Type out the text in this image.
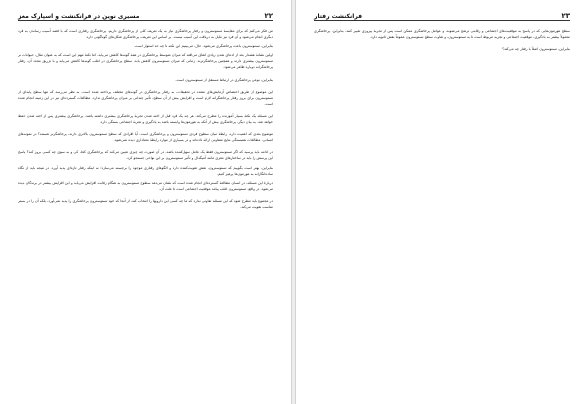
۲۲
مسیری نوین در فرانکنشت و اسپارک مغز

من فکر می‌کنم که برای مقایسهٔ تستوسترون و رفتار پرخاشگری نیاز به یک تعریف کلی از پرخاشگری داریم. پرخاشگری رفتاری است که با قصد آسیب رساندن به فرد دیگری انجام می‌شود و آن فرد نیز مایل به دریافت این آسیب نیست. بر اساس این تعریف، پرخاشگری شکل‌های گوناگونی دارد.

بنابراین، تستوسترون باعث پرخاشگری می‌شود. حال، می‌بینیم این نکته تا چه حد استوار است.

اولین نشانهٔ هشدار بعد از ادعای شدن زیادی اتفاق می‌افتد که میزان متوسط پرخاشگری در همهٔ گونه‌ها کاهش می‌یابد. اما نکتهٔ مهم این است که به عنوان مثال، حیوانات نر تستوسترون بیشتری دارند و همچنین پرخاشگرترند. زمانی که میزان تستوسترون کاهش یابد، سطح پرخاشگری در اغلب گونه‌ها کاهش می‌یابد و با تزریق مجدد آن، رفتار پرخاشگرانه دوباره ظاهر می‌شود.

بنابراین، نوعی پرخاشگری در ارتباط مستقل از تستوسترون است.

این موضوع از طریق اختصاص آزمایش‌های متعدد در تحقیقات، به رفتار پرخاشگری در گونه‌های مختلف پرداخته شده است. به نظر می‌رسد که تنها سطح پایه‌ای از تستوسترون برای بروز رفتار پرخاشگرانه لازم است و افزایش بیش از آن سطح، تأثیر چندانی بر میزان پرخاشگری ندارد. مطالعات گسترده‌ای نیز در این زمینه انجام شده است.

این مسئله یک نکتهٔ بسیار آموزنده را مطرح می‌کند. هر چه یک فرد قبل از اخته شدن تجربهٔ پرخاشگری بیشتری داشته باشد، پرخاشگری بیشتری پس از اخته شدن حفظ خواهد شد. به بیان دیگر، پرخاشگری بیش از آنکه به هورمون‌ها وابسته باشد به یادگیری و تجربهٔ اجتماعی بستگی دارد.

موضوع بعدی که اهمیت دارد، رابطهٔ میان سطوح فردی تستوسترون و پرخاشگری است. آیا افرادی که سطح تستوسترون بالاتری دارند، پرخاشگرتر هستند؟ در نمونه‌های انسانی، مطالعات همبستگی نتایج متفاوتی ارائه داده‌اند و در بسیاری از موارد رابطهٔ معناداری دیده نمی‌شود.

در ادامه باید پرسید که اگر تستوسترون فقط یک عامل سهل‌کننده باشد، در آن صورت چه چیزی تعیین می‌کند که پرخاشگری کجا، کی و به سوی چه کسی بروز کند؟ پاسخ این پرسش را باید در ساختارهای مغزی مانند آمیگدال و تأثیر تستوسترون بر این نواحی جستجو کرد.

بنابراین، بهتر است بگوییم که تستوسترون، نقش تقویت‌کننده دارد و الگوهای رفتاری موجود را برجسته می‌سازد؛ نه اینکه رفتار تازه‌ای پدید آورد. در نتیجه باید از نگاه ساده‌انگارانه به هورمون‌ها پرهیز کنیم.

دربارهٔ این مسئله، در انسان مطالعهٔ گسترده‌ای انجام شده است که نشان می‌دهد سطوح تستوسترون به هنگام رقابت افزایش می‌یابد و این افزایش بیشتر در برندگان دیده می‌شود. در واقع، تستوسترون اغلب پیامد موقعیت اجتماعی است تا علت آن.

در مجموع باید مطرح شود که این مسئله تفاوتی ندارد که ما چه کسی این دارویها را انتخاب کند، از آنجا که خود تستوسترون پرخاشگری را پدید نمی‌آورد، بلکه آن را در بستر مناسب تقویت می‌کند.

۲۳
فرانکنشت رفتار

سطح هورمون‌هایی که در پاسخ به موقعیت‌های اجتماعی و رقابتی ترشح می‌شوند، و عوامل پرخاشگری ممکن است پس از تجربهٔ پیروزی تغییر کنند. بنابراین، پرخاشگری معمولاً بیشتر به یادگیری، موقعیت اجتماعی و تجربه مربوط است تا به تستوسترون، و تفاوت سطح تستوسترون عموماً نقش ثانویه دارد.

بنابراین، تستوسترون اصلاً با رفتار چه می‌کند؟
